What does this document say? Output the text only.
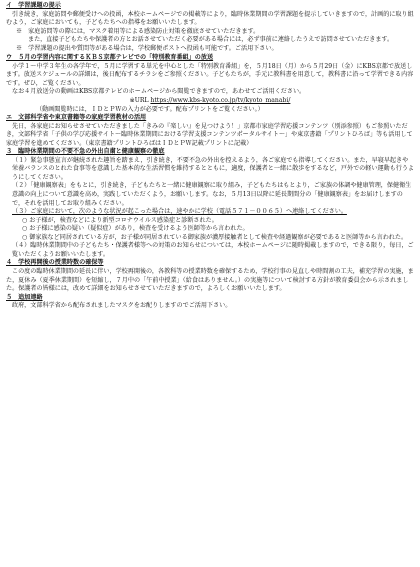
イ　学習課題の提示
引き続き，家庭訪問や郵便受けへの投函，本校ホームページでの掲載等により，臨時休業期間の学習課題を提示していきますので，計画的に取り組むよう，ご家庭においても，子どもたちへの指導をお願いいたします。
※　家庭訪問等の際には，マスク着用等による感染防止対策を徹底させていただきます。
また，直接子どもたちや保護者の方とお話させていただく必要がある場合には，必ず事前に連絡したうえで訪問させていただきます。
※　学習課題の提出や質問等がある場合は，学校郵便ポストへ投函も可能です。ご活用下さい。
ウ　５月の学習内容に関するＫＢＳ京都テレビでの「特別教育番組」の放送
小学１～中学３年生の各学年で，５月に学習する単元を中心とした「特別教育番組」を，５月18日（月）から５月29日（金）にKBS京都で放送します。放送スケジュールの詳細は，後日配布するチラシをご参照ください。子どもたちが，手元に教科書を用意して，教科書に沿って学習できる内容です。ぜひ，ご覧ください。
なお４月放送分の動画はKBS京都テレビのホームページから閲覧できますので，あわせてご活用ください。
※URL https://www.kbs-kyoto.co.jp/tv/kyoto_manabi/
（動画閲覧時には，ＩＤとＰＷの入力が必要です。配布プリントをご覧ください。）
エ　文部科学省や東京書籍等の家庭学習教材の活用
先日，各家庭にお知らせさせていただきました「きみの『楽しい』を見つけよう！」京都市家庭学習応援コンテンツ（別添参照）もご参照いただき，文部科学省「子供の学び応援サイト～臨時休業期間における学習支援コンテンツポータルサイト～」や東京書籍「プリントひろば」等も活用して家庭学習を進めてください。（東京書籍プリントひろばはＩＤとＰＷ記載プリントに記載）
３　臨時休業期間の不要不急の外出自粛と健康観察の徹底
（１）緊急事態宣言が継続された趣旨を踏まえ，引き続き，不要不急の外出を控えるよう，各ご家庭でも指導してください。また，早寝早起きや栄養バランスのとれた食事等を意識した基本的な生活習慣を維持するとともに，適度，保護者と一緒に散歩をするなど，戸外での軽い運動も行うようにしてください。
（２）「健康観察表」をもとに，引き続き，子どもたちと一緒に健康観察に取り組み，子どもたちはもとより，ご家族の体調や健康管理，保健衛生意識の向上について意識を高め，実践していただくよう，お願いします。なお，５月13日以降に延長期間分の「健康観察表」をお届けしますので，それを活用してお取り組みください。
（３）ご家庭において，次のような状況が起こった場合は，速やかに学校（電話５７１－００６５）へ連絡してください。
○ お子様が，検査などにより新型コロナウイルス感染症と診断された。
○ お子様に感染の疑い（疑似症）があり，検査を受けるよう医師等から言われた。
○ 御家族など同居されている方が，お子様が同居されている御家族が濃厚接触者として検査や経過観察が必要であると医師等から言われた。
（４）臨時休業期間中の子どもたち・保護者様等への対策のお知らせについては，本校ホームページに随時掲載しますので，できる限り，毎日，ご覧いただくようお願いいたします。
４　学校再開後の授業時数の確保等
この度の臨時休業期間の延長に伴い，学校再開後の，各教科等の授業時数を確保するため，学校行事の見直しや時間割の工夫，補充学習の実施，また，夏休み（夏季休業期間）を短縮し，７月中の「午前中授業」（給食はありません。）の実施等について検討する方針が教育委員会から示されました。保護者の皆様には，改めて詳細をお知らせさせていただきますので，よろしくお願いいたします。
５　追加連絡
政府，文部科学省から配布されましたマスクをお配りしますのでご活用下さい。
